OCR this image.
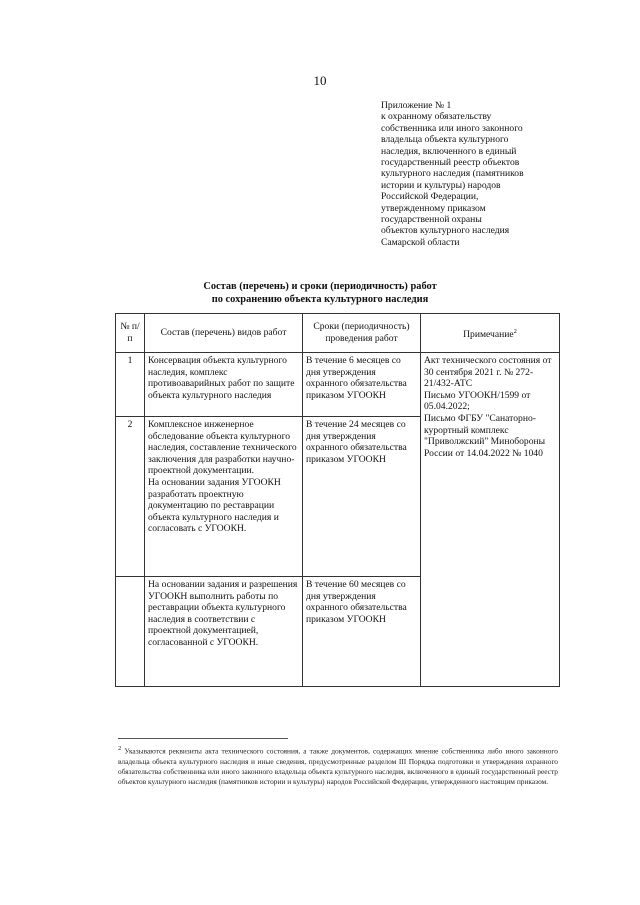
10
Приложение № 1
к охранному обязательству
собственника или иного законного
владельца объекта культурного
наследия, включенного в единый
государственный реестр объектов
культурного наследия (памятников
истории и культуры) народов
Российской Федерации,
утвержденному приказом
государственной охраны
объектов культурного наследия
Самарской области
Состав (перечень) и сроки (периодичность) работ
по сохранению объекта культурного наследия
№ п/п	Состав (перечень) видов работ	Сроки (периодичность) проведения работ	Примечание$^2$
1	Консервация объекта культурного наследия, комплекс противоаварийных работ по защите объекта культурного наследия	В течение 6 месяцев со дня утверждения охранного обязательства приказом УГООКН	Акт технического состояния от 30 сентября 2021 г. № 272-21/432-АТС
Письмо УГООКН/1599 от 05.04.2022;
Письмо ФГБУ "Санаторно-курортный комплекс "Приволжский" Минобороны России от 14.04.2022 № 1040
2	Комплексное инженерное обследование объекта культурного наследия, составление технического заключения для разработки научно-проектной документации.
На основании задания УГООКН разработать проектную документацию по реставрации объекта культурного наследия и согласовать с УГООКН.	В течение 24 месяцев со дня утверждения охранного обязательства приказом УГООКН	
	На основании задания и разрешения УГООКН выполнить работы по реставрации объекта культурного наследия в соответствии с проектной документацией, согласованной с УГООКН.	В течение 60 месяцев со дня утверждения охранного обязательства приказом УГООКН	
$^2$ Указываются реквизиты акта технического состояния, а также документов, содержащих мнение собственника либо иного законного владельца объекта культурного наследия и иные сведения, предусмотренные разделом III Порядка подготовки и утверждения охранного обязательства собственника или иного законного владельца объекта культурного наследия, включенного в единый государственный реестр объектов культурного наследия (памятников истории и культуры) народов Российской Федерации, утвержденного настоящим приказом.
